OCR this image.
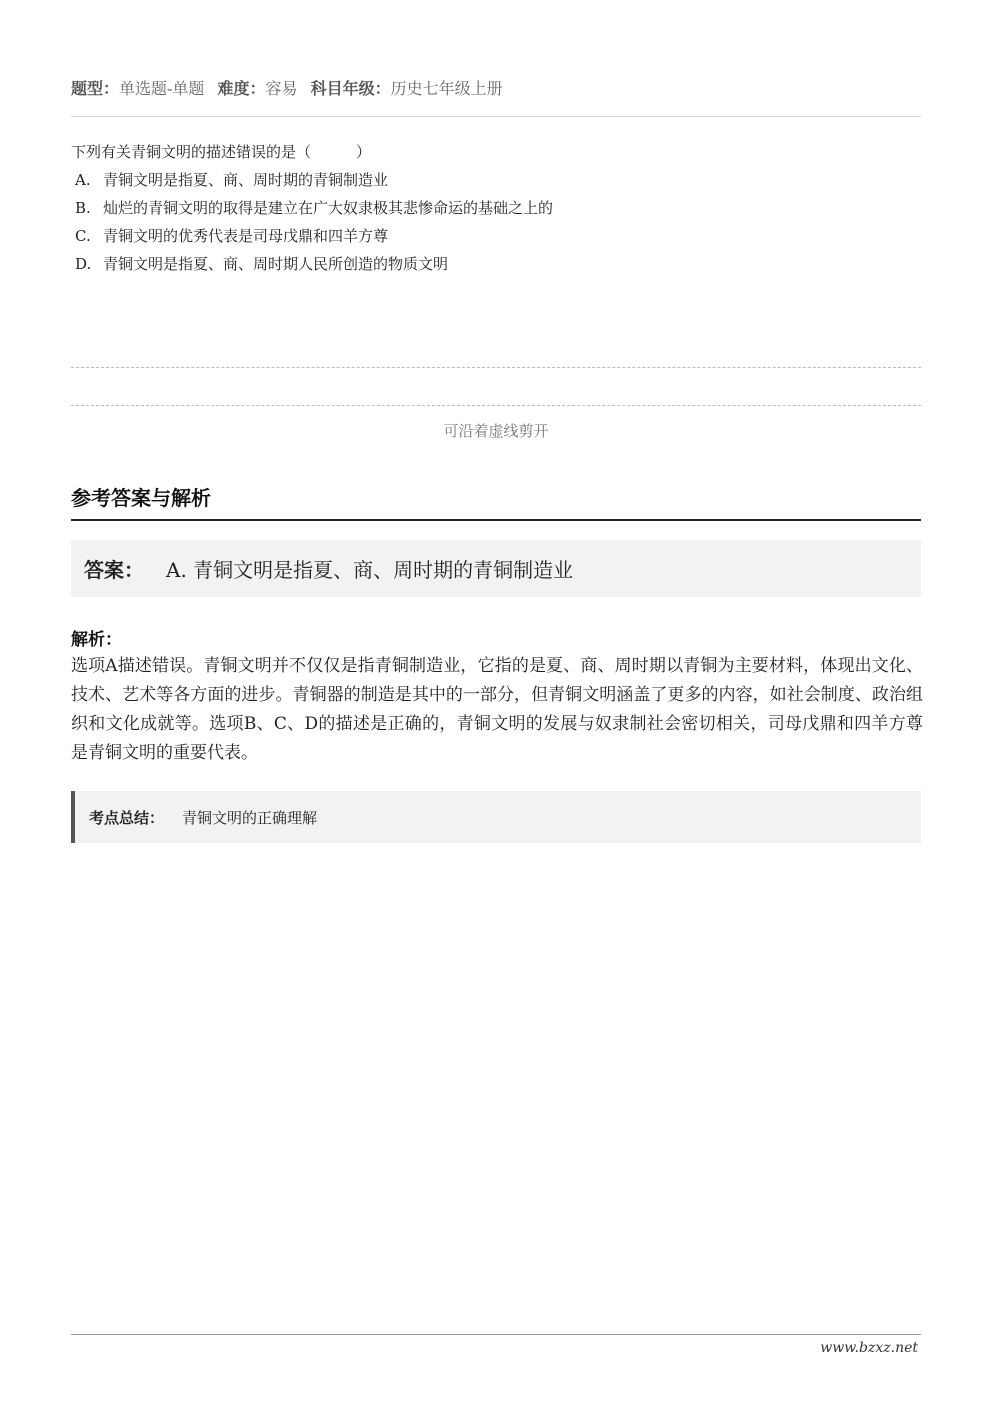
题型：单选题-单题 难度：容易 科目年级：历史七年级上册
下列有关青铜文明的描述错误的是（　　　）
A. 青铜文明是指夏、商、周时期的青铜制造业
B. 灿烂的青铜文明的取得是建立在广大奴隶极其悲惨命运的基础之上的
C. 青铜文明的优秀代表是司母戊鼎和四羊方尊
D. 青铜文明是指夏、商、周时期人民所创造的物质文明
可沿着虚线剪开
参考答案与解析
答案： A. 青铜文明是指夏、商、周时期的青铜制造业
解析：
选项A描述错误。青铜文明并不仅仅是指青铜制造业，它指的是夏、商、周时期以青铜为主要材料，体现出文化、技术、艺术等各方面的进步。青铜器的制造是其中的一部分，但青铜文明涵盖了更多的内容，如社会制度、政治组织和文化成就等。选项B、C、D的描述是正确的，青铜文明的发展与奴隶制社会密切相关，司母戊鼎和四羊方尊是青铜文明的重要代表。
考点总结： 青铜文明的正确理解
www.bzxz.net
